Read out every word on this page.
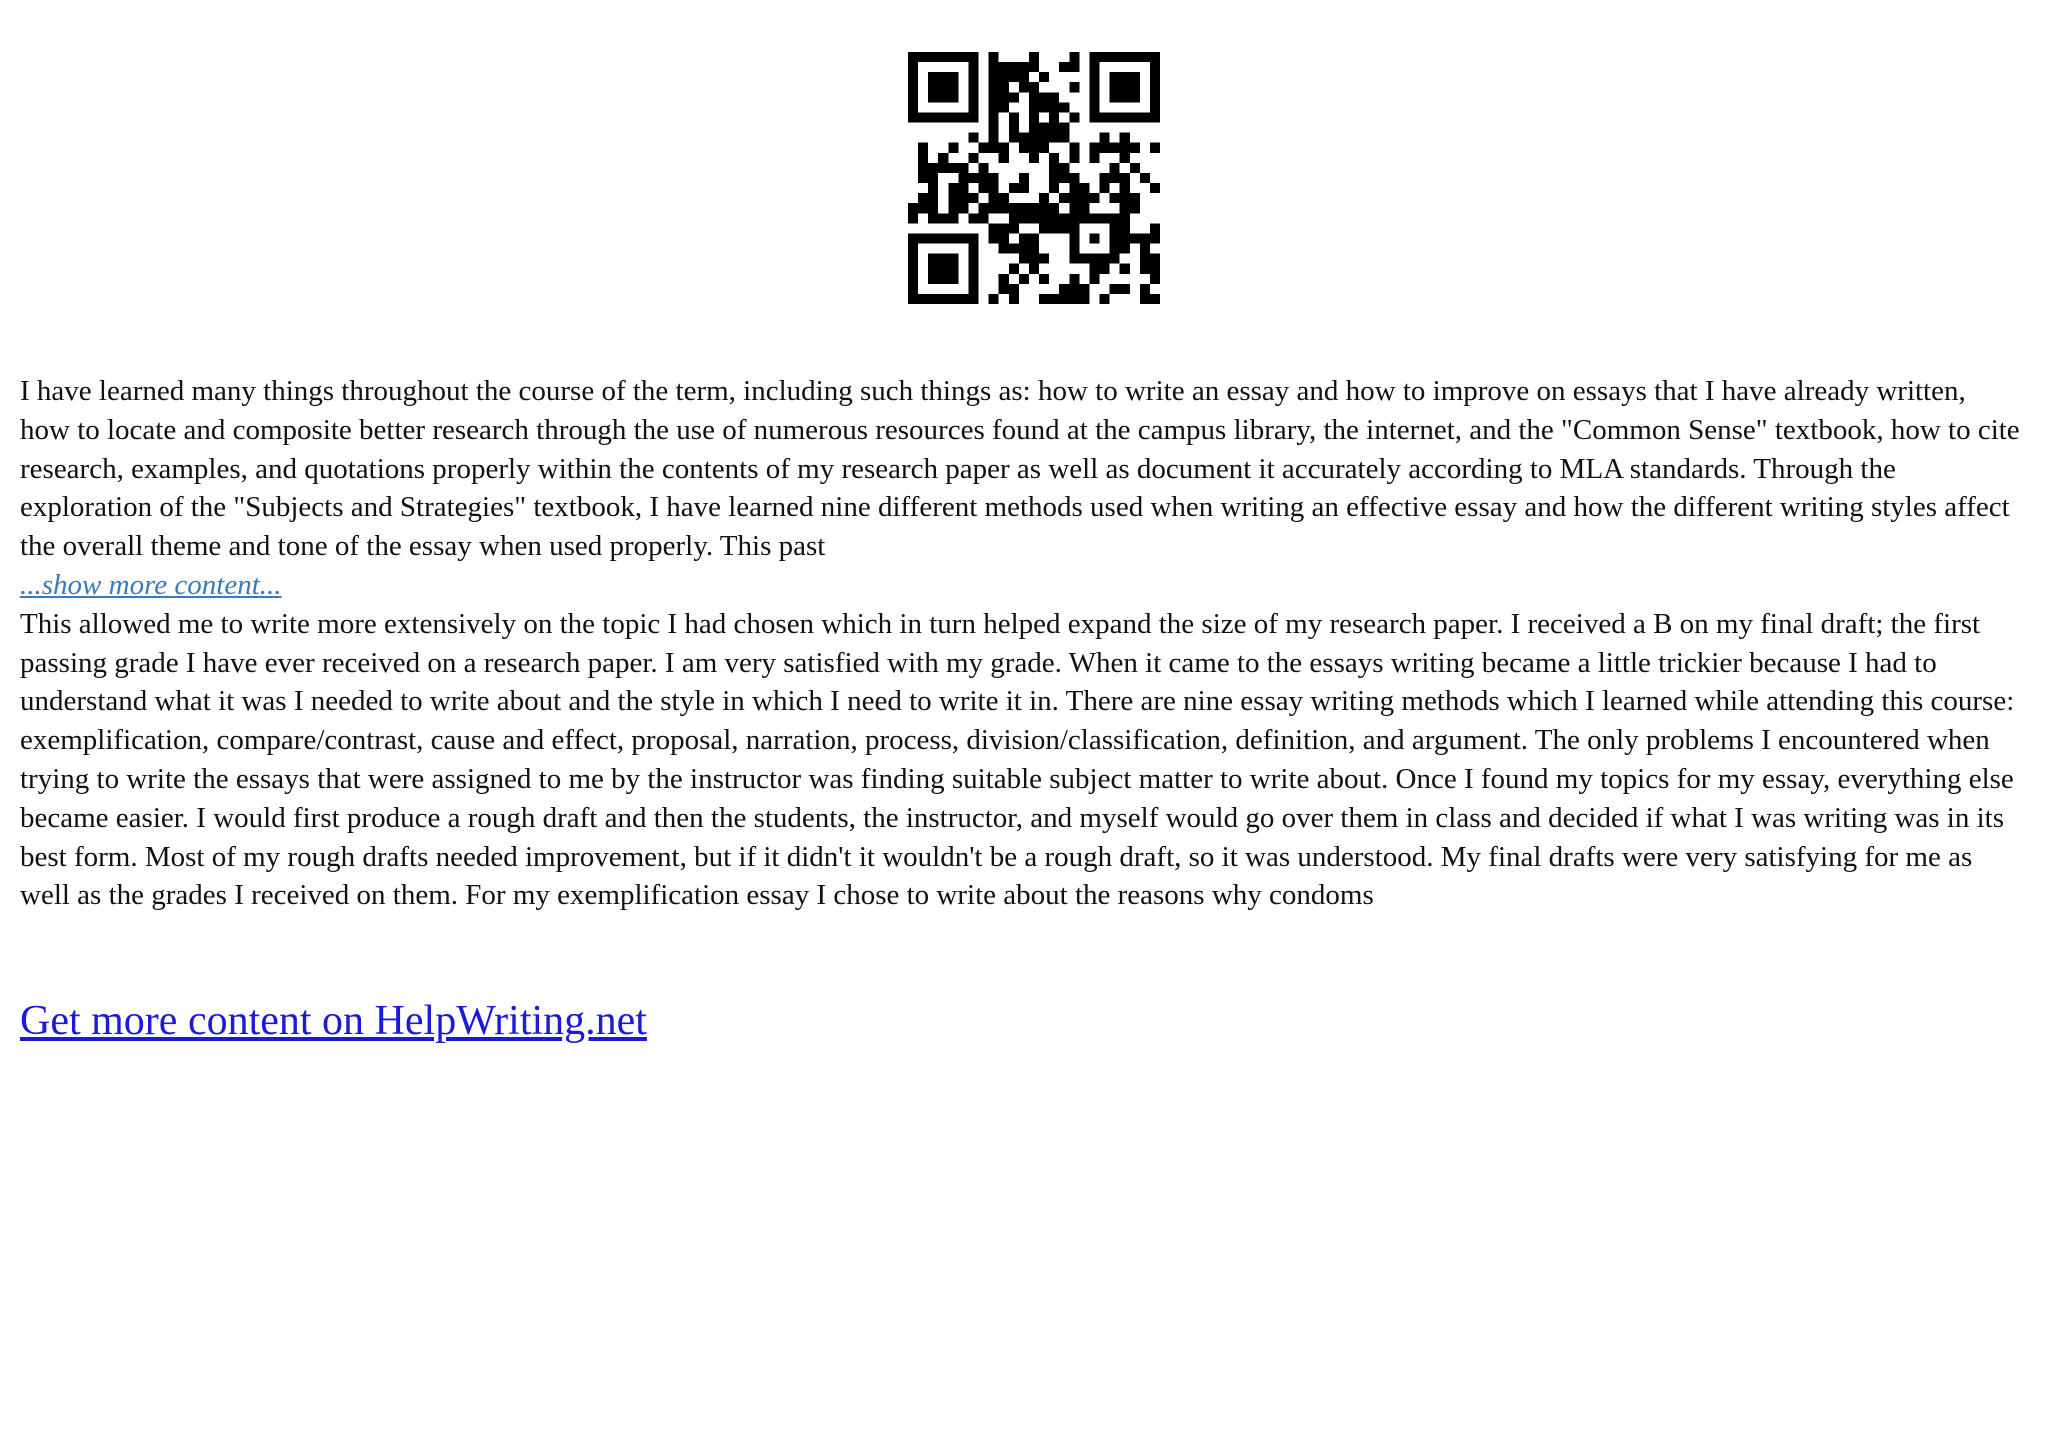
I have learned many things throughout the course of the term, including such things as: how to write an essay and how to improve on essays that I have already written, how to locate and composite better research through the use of numerous resources found at the campus library, the internet, and the "Common Sense" textbook, how to cite research, examples, and quotations properly within the contents of my research paper as well as document it accurately according to MLA standards. Through the exploration of the "Subjects and Strategies" textbook, I have learned nine different methods used when writing an effective essay and how the different writing styles affect the overall theme and tone of the essay when used properly. This past

...show more content...

This allowed me to write more extensively on the topic I had chosen which in turn helped expand the size of my research paper. I received a B on my final draft; the first passing grade I have ever received on a research paper. I am very satisfied with my grade. When it came to the essays writing became a little trickier because I had to understand what it was I needed to write about and the style in which I need to write it in. There are nine essay writing methods which I learned while attending this course: exemplification, compare/contrast, cause and effect, proposal, narration, process, division/classification, definition, and argument. The only problems I encountered when trying to write the essays that were assigned to me by the instructor was finding suitable subject matter to write about. Once I found my topics for my essay, everything else became easier. I would first produce a rough draft and then the students, the instructor, and myself would go over them in class and decided if what I was writing was in its best form. Most of my rough drafts needed improvement, but if it didn't it wouldn't be a rough draft, so it was understood. My final drafts were very satisfying for me as well as the grades I received on them. For my exemplification essay I chose to write about the reasons why condoms

Get more content on HelpWriting.net
